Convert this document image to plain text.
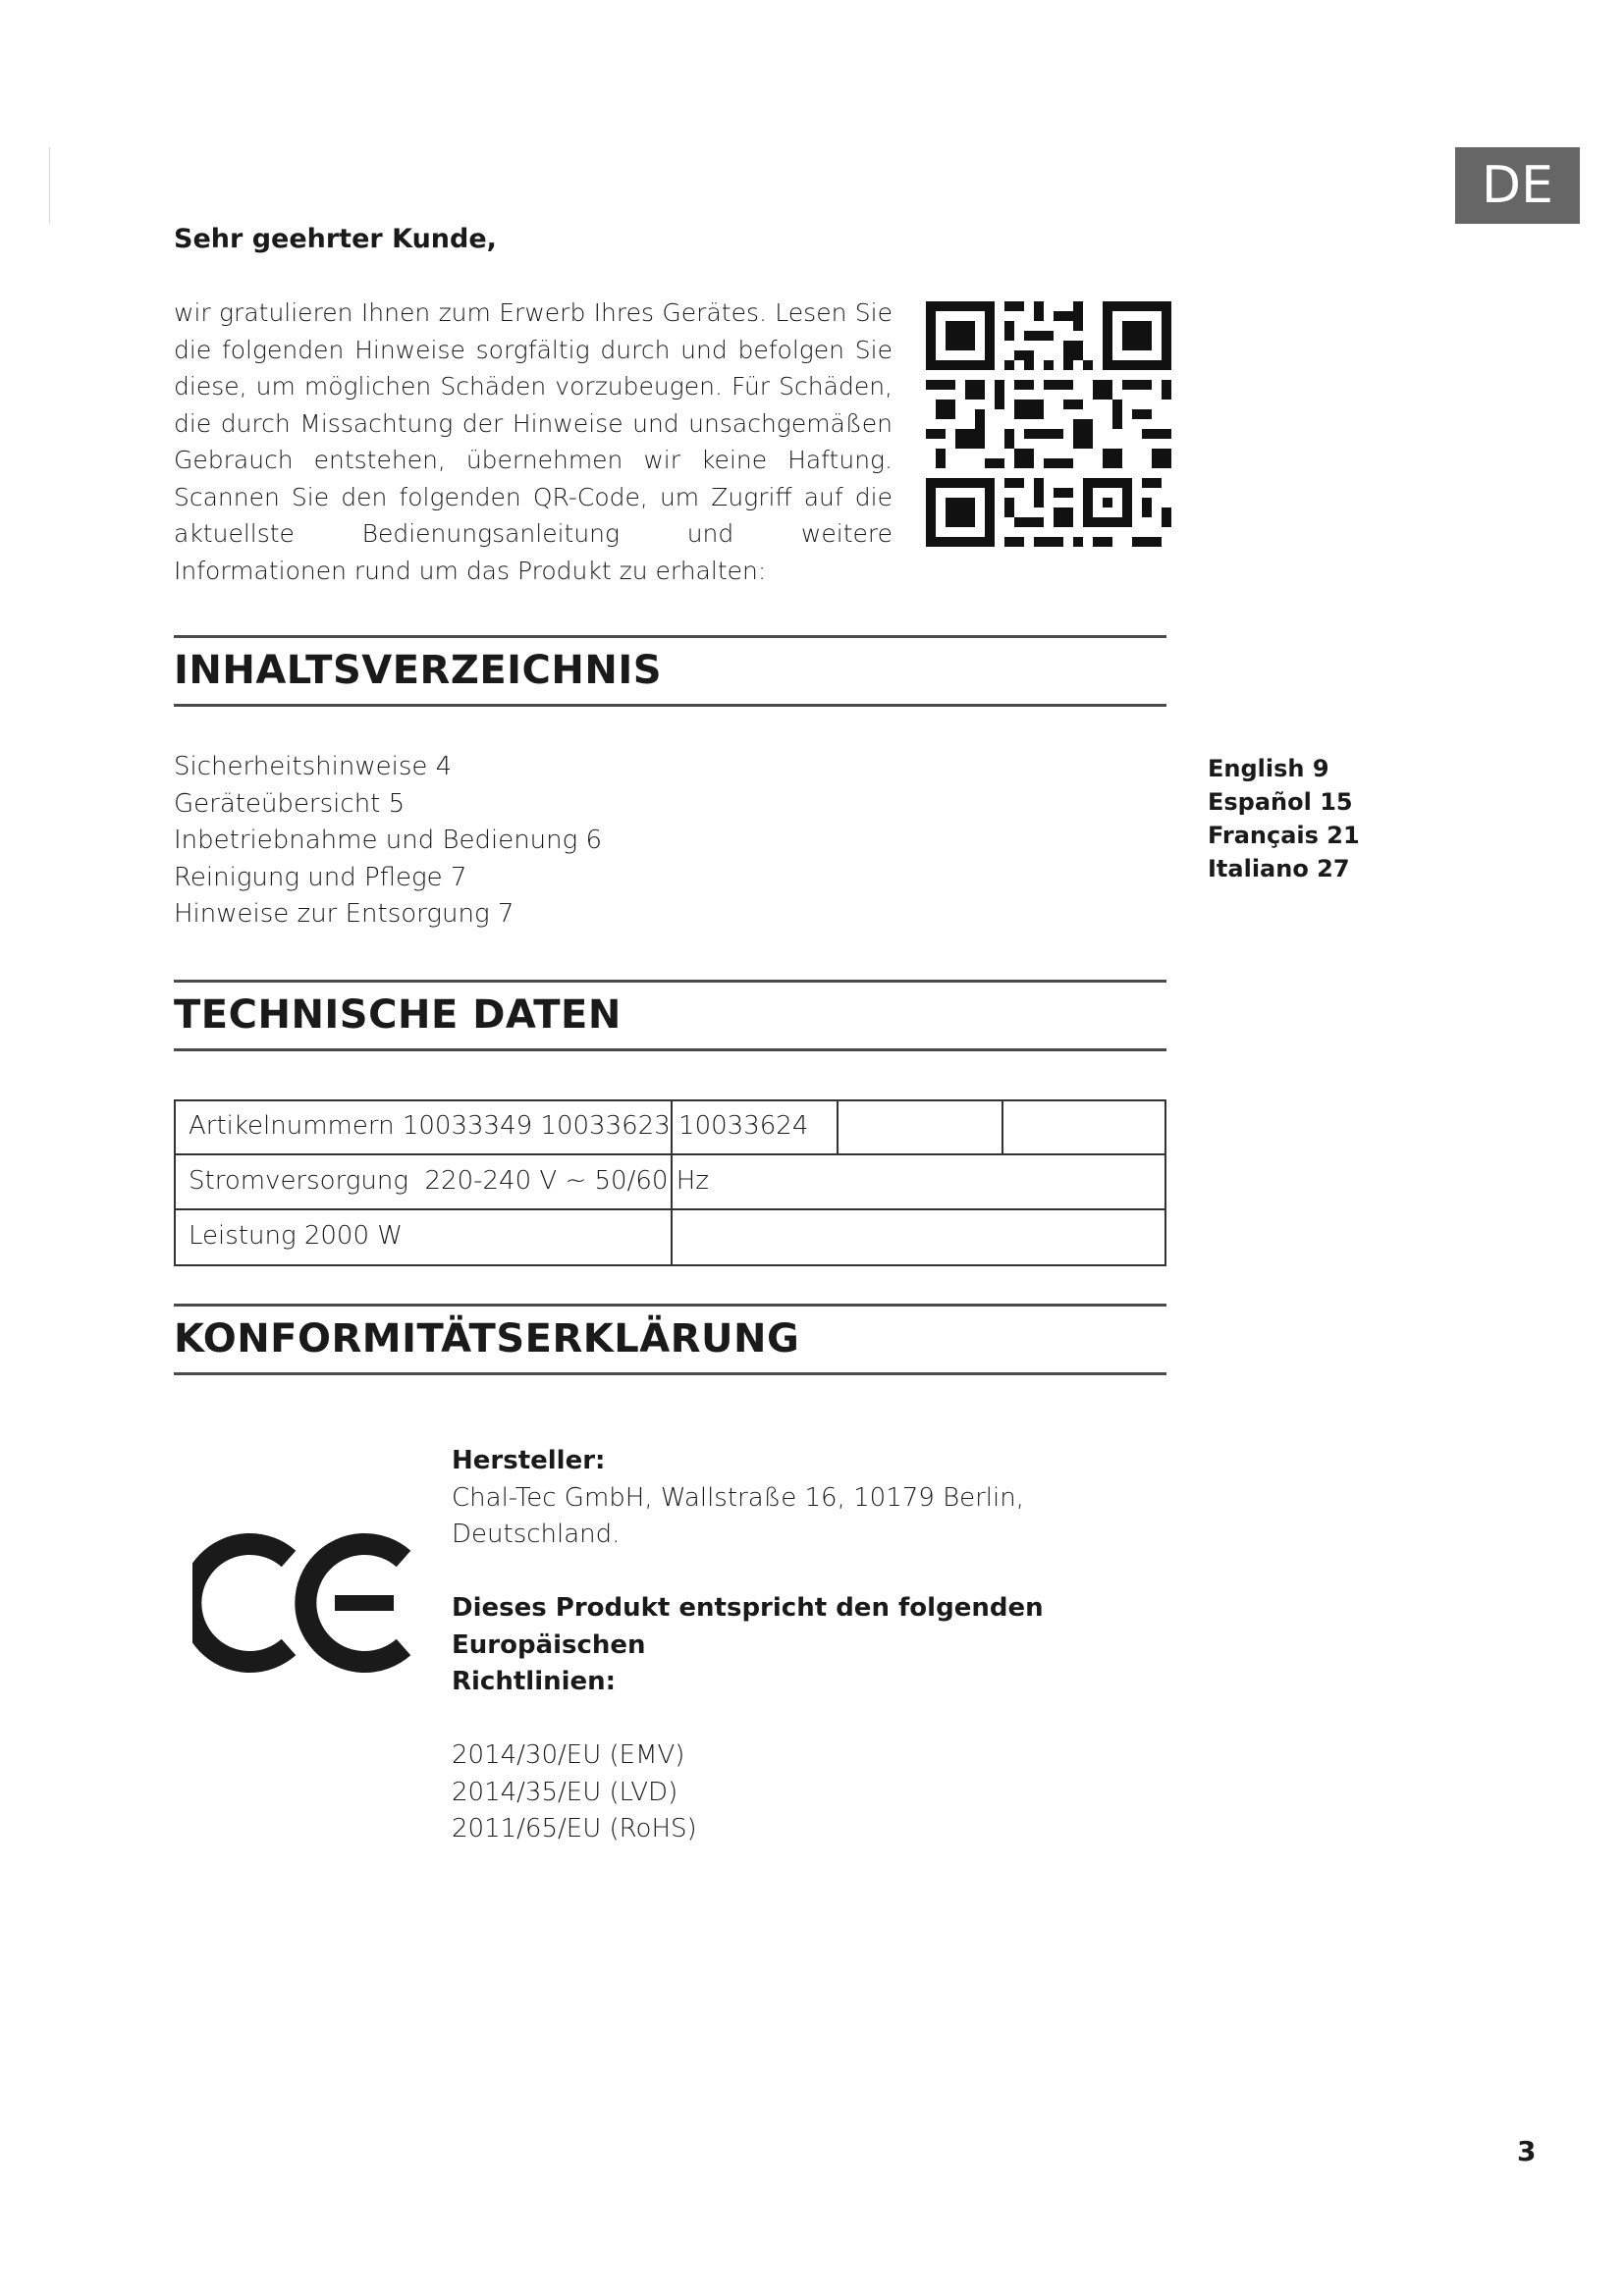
DE
Sehr geehrter Kunde,
wir gratulieren Ihnen zum Erwerb Ihres Gerätes. Lesen Sie die folgenden Hinweise sorgfältig durch und befolgen Sie diese, um möglichen Schäden vorzubeugen. Für Schäden, die durch Missachtung der Hinweise und unsachgemäßen Gebrauch entstehen, übernehmen wir keine Haftung. Scannen Sie den folgenden QR-Code, um Zugriff auf die aktuellste Bedienungsanleitung und weitere Informationen rund um das Produkt zu erhalten:
INHALTSVERZEICHNIS
Sicherheitshinweise 4
Geräteübersicht 5
Inbetriebnahme und Bedienung 6
Reinigung und Pflege 7
Hinweise zur Entsorgung 7
English 9
Español 15
Français 21
Italiano 27
TECHNISCHE DATEN
Artikelnummern 10033349 10033623 10033624
Stromversorgung  220-240 V ~ 50/60 Hz
Leistung 2000 W
KONFORMITÄTSERKLÄRUNG

Hersteller:

Chal-Tec GmbH, Wallstraße 16, 10179 Berlin, Deutschland.

Dieses Produkt entspricht den folgenden Europäischen

Richtlinien:

2014/30/EU (EMV)

2014/35/EU (LVD)

2011/65/EU (RoHS)

3
